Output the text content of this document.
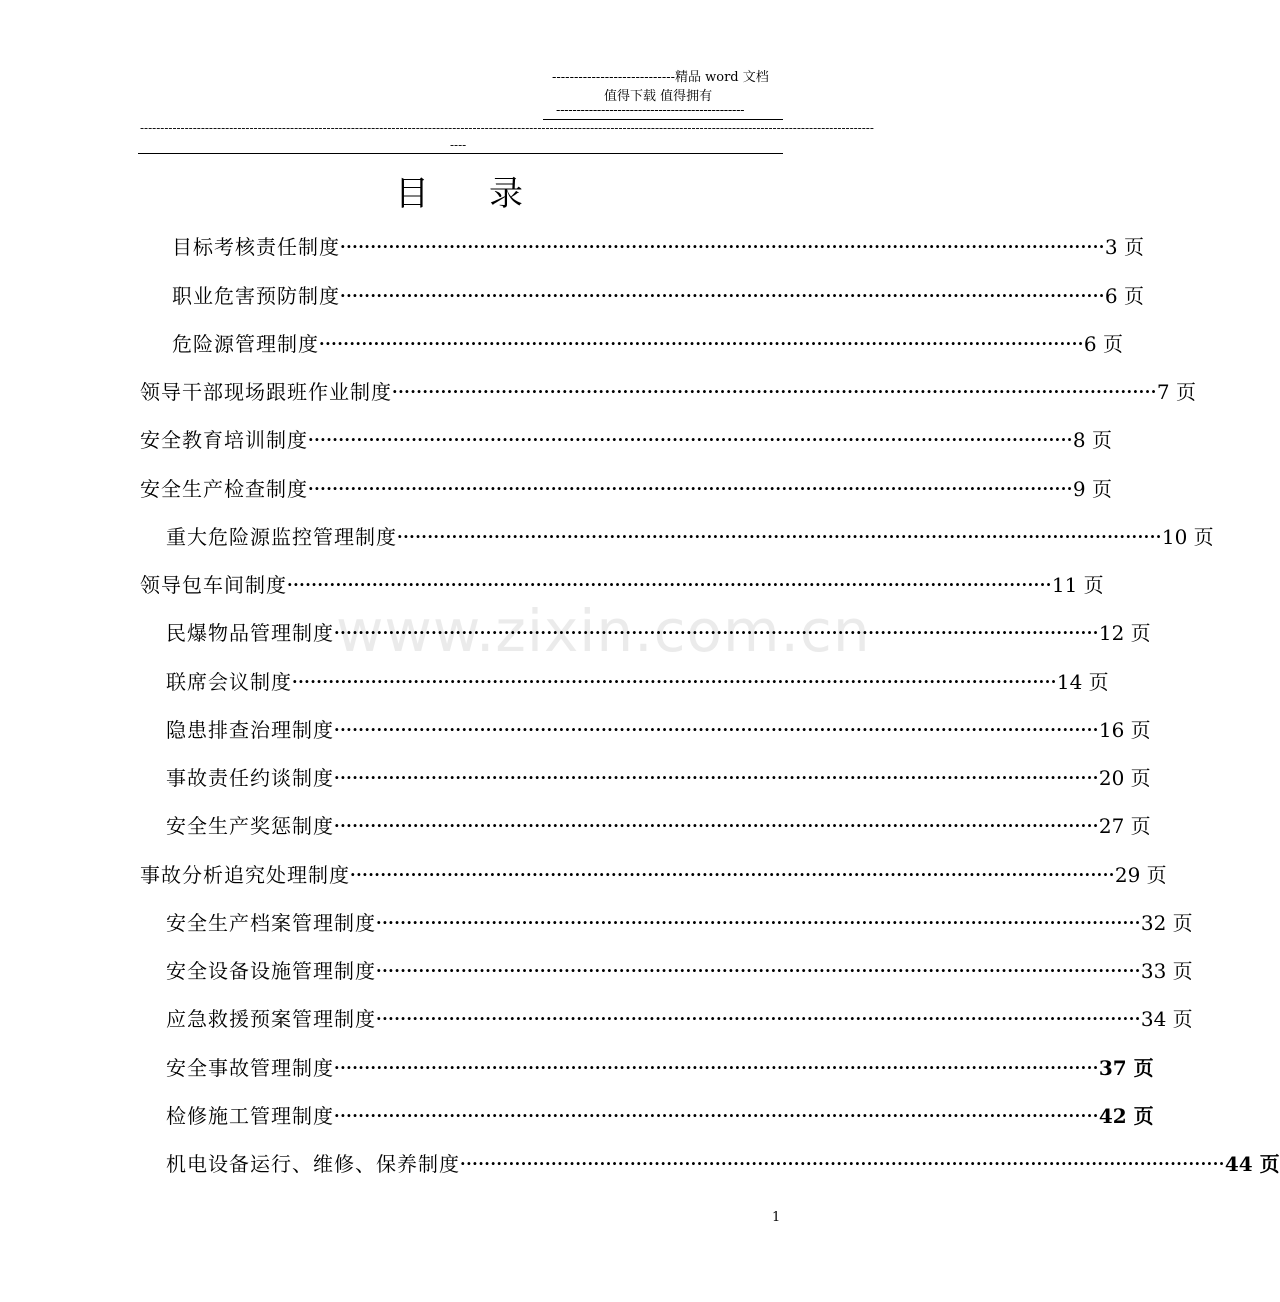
----------------------------精品 word 文档
值得下载 值得拥有
----------------------------------------------
-------------------------------------------------------------------------------------------------------------------------------------------------------------------------------------
----
目录
www.zixin.com.cn
目标考核责任制度 ·····	3 页
职业危害预防制度 ·····	6 页
危险源管理制度 ·····	6 页
领导干部现场跟班作业制度 ·····	7 页
安全教育培训制度 ·····	8 页
安全生产检查制度 ·····	9 页
重大危险源监控管理制度 ·····	10 页
领导包车间制度 ·····	11 页
民爆物品管理制度 ·····	12 页
联席会议制度 ·····	14 页
隐患排查治理制度 ·····	16 页
事故责任约谈制度 ·····	20 页
安全生产奖惩制度 ·····	27 页
事故分析追究处理制度 ·····	29 页
安全生产档案管理制度 ·····	32 页
安全设备设施管理制度 ·····	33 页
应急救援预案管理制度 ·····	34 页
安全事故管理制度 ·····	37 页
检修施工管理制度 ·····	42 页
机电设备运行、维修、保养制度 ·····	44 页
1
